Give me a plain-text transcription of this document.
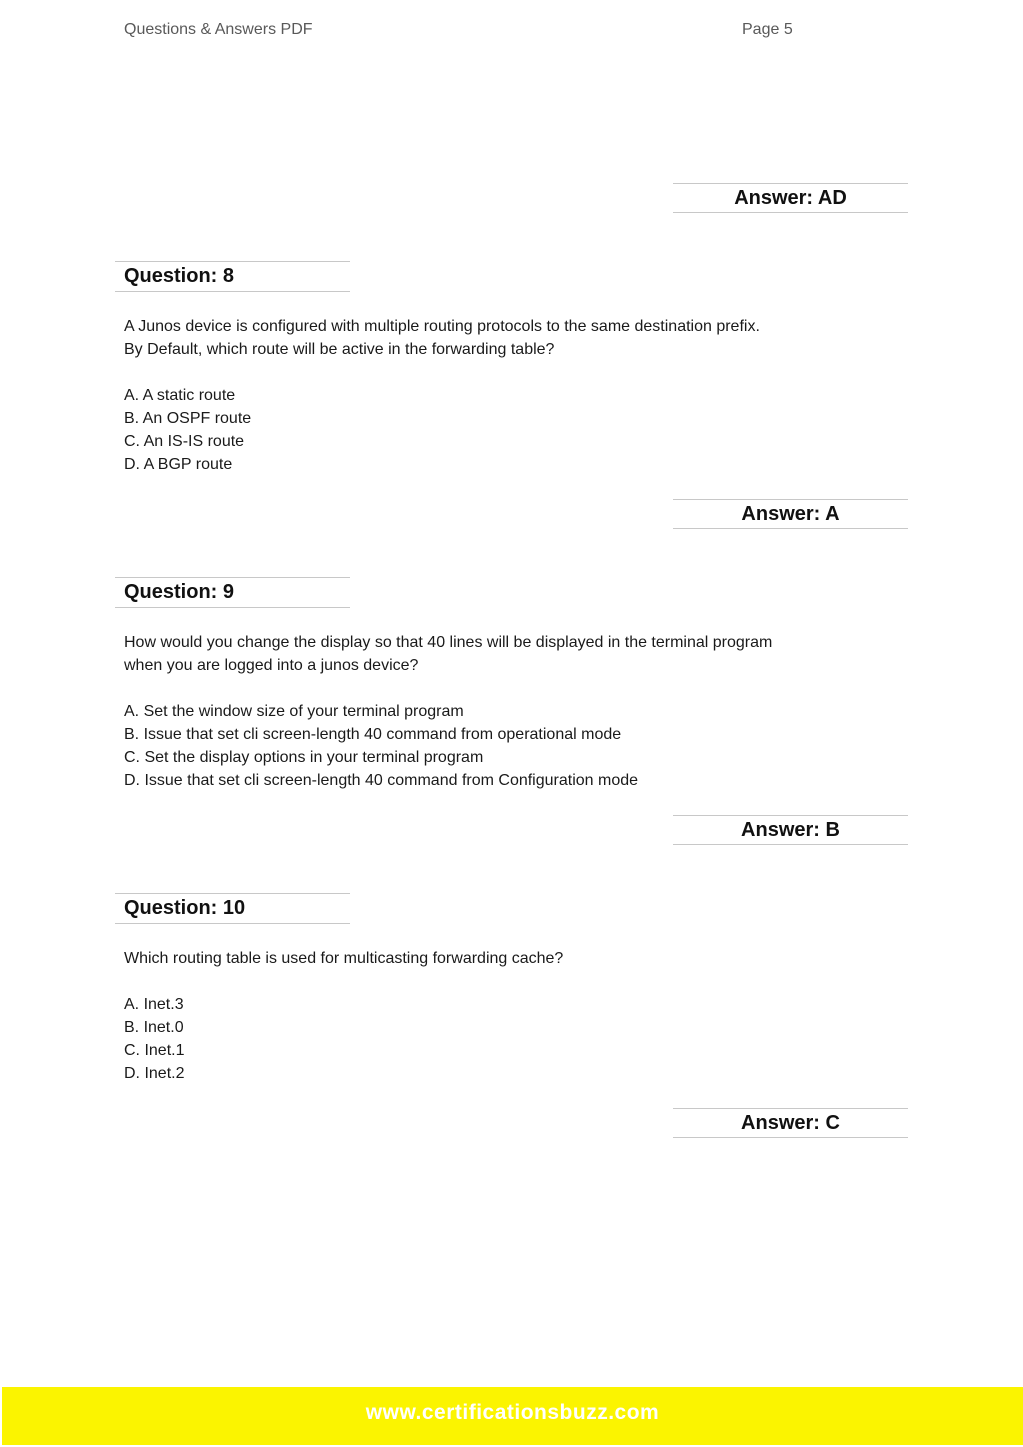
Questions & Answers PDF	Page 5
Answer: AD
Question: 8
A Junos device is configured with multiple routing protocols to the same destination prefix.
By Default, which route will be active in the forwarding table?
A. A static route
B. An OSPF route
C. An IS-IS route
D. A BGP route
Answer: A
Question: 9
How would you change the display so that 40 lines will be displayed in the terminal program
when you are logged into a junos device?
A. Set the window size of your terminal program
B. Issue that set cli screen-length 40 command from operational mode
C. Set the display options in your terminal program
D. Issue that set cli screen-length 40 command from Configuration mode
Answer: B
Question: 10
Which routing table is used for multicasting forwarding cache?
A. Inet.3
B. Inet.0
C. Inet.1
D. Inet.2
Answer: C
www.certificationsbuzz.com
